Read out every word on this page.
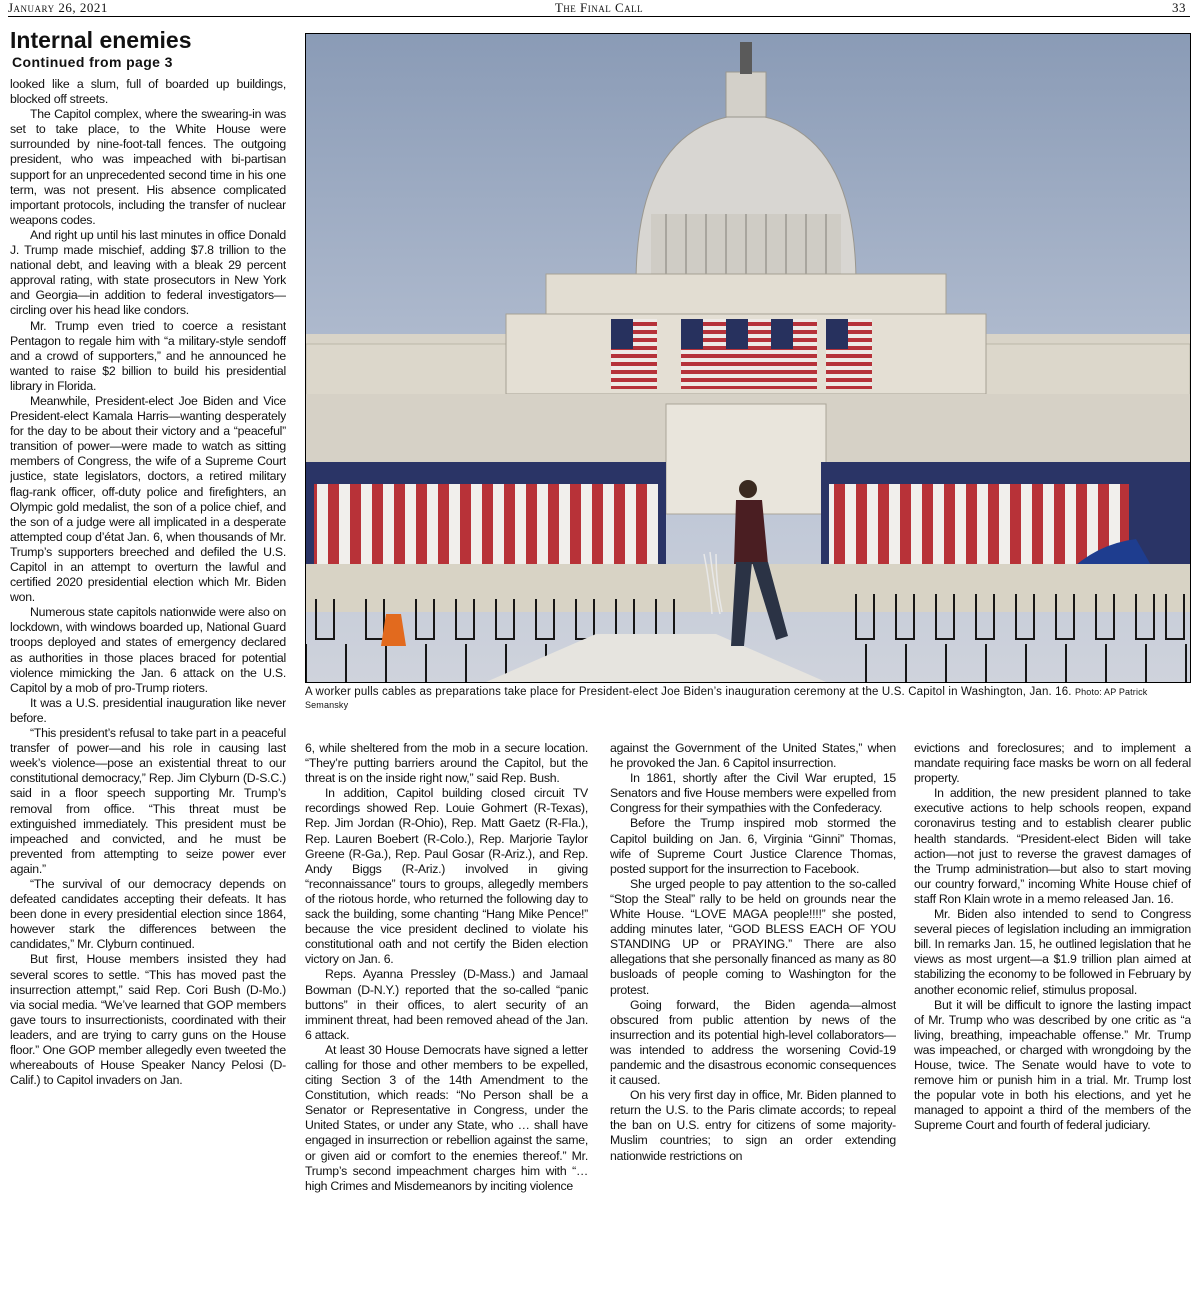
January 26, 2021	The Final Call	33
Internal enemies
Continued from page 3

looked like a slum, full of boarded up buildings, blocked off streets.

The Capitol complex, where the swearing-in was set to take place, to the White House were surrounded by nine-foot-tall fences. The outgoing president, who was impeached with bi-partisan support for an unprecedented second time in his one term, was not present. His absence complicated important protocols, including the transfer of nuclear weapons codes.

And right up until his last minutes in office Donald J. Trump made mischief, adding $7.8 trillion to the national debt, and leaving with a bleak 29 percent approval rating, with state prosecutors in New York and Georgia—in addition to federal investigators—circling over his head like condors.

Mr. Trump even tried to coerce a resistant Pentagon to regale him with “a military-style sendoff and a crowd of supporters,” and he announced he wanted to raise $2 billion to build his presidential library in Florida.

Meanwhile, President-elect Joe Biden and Vice President-elect Kamala Harris—wanting desperately for the day to be about their victory and a “peaceful” transition of power—were made to watch as sitting members of Congress, the wife of a Supreme Court justice, state legislators, doctors, a retired military flag-rank officer, off-duty police and firefighters, an Olympic gold medalist, the son of a police chief, and the son of a judge were all implicated in a desperate attempted coup d’état Jan. 6, when thousands of Mr. Trump’s supporters breeched and defiled the U.S. Capitol in an attempt to overturn the lawful and certified 2020 presidential election which Mr. Biden won.

Numerous state capitols nationwide were also on lockdown, with windows boarded up, National Guard troops deployed and states of emergency declared as authorities in those places braced for potential violence mimicking the Jan. 6 attack on the U.S. Capitol by a mob of pro-Trump rioters.

It was a U.S. presidential inauguration like never before.

“This president’s refusal to take part in a peaceful transfer of power—and his role in causing last week’s violence—pose an existential threat to our constitutional democracy,” Rep. Jim Clyburn (D-S.C.) said in a floor speech supporting Mr. Trump’s removal from office. “This threat must be extinguished immediately. This president must be impeached and convicted, and he must be prevented from attempting to seize power ever again.”

“The survival of our democracy depends on defeated candidates accepting their defeats. It has been done in every presidential election since 1864, however stark the differences between the candidates,” Mr. Clyburn continued.

But first, House members insisted they had several scores to settle. “This has moved past the insurrection attempt,” said Rep. Cori Bush (D-Mo.) via social media. “We’ve learned that GOP members gave tours to insurrectionists, coordinated with their leaders, and are trying to carry guns on the House floor.” One GOP member allegedly even tweeted the whereabouts of House Speaker Nancy Pelosi (D-Calif.) to Capitol invaders on Jan.

A worker pulls cables as preparations take place for President-elect Joe Biden’s inauguration ceremony at the U.S. Capitol in Washington, Jan. 16. Photo: AP Patrick Semansky

6, while sheltered from the mob in a secure location. “They’re putting barriers around the Capitol, but the threat is on the inside right now,” said Rep. Bush.

In addition, Capitol building closed circuit TV recordings showed Rep. Louie Gohmert (R-Texas), Rep. Jim Jordan (R-Ohio), Rep. Matt Gaetz (R-Fla.), Rep. Lauren Boebert (R-Colo.), Rep. Marjorie Taylor Greene (R-Ga.), Rep. Paul Gosar (R-Ariz.), and Rep. Andy Biggs (R-Ariz.) involved in giving “reconnaissance” tours to groups, allegedly members of the riotous horde, who returned the following day to sack the building, some chanting “Hang Mike Pence!” because the vice president declined to violate his constitutional oath and not certify the Biden election victory on Jan. 6.

Reps. Ayanna Pressley (D-Mass.) and Jamaal Bowman (D-N.Y.) reported that the so-called “panic buttons” in their offices, to alert security of an imminent threat, had been removed ahead of the Jan. 6 attack.

At least 30 House Democrats have signed a letter calling for those and other members to be expelled, citing Section 3 of the 14th Amendment to the Constitution, which reads: “No Person shall be a Senator or Representative in Congress, under the United States, or under any State, who … shall have engaged in insurrection or rebellion against the same, or given aid or comfort to the enemies thereof.” Mr. Trump’s second impeachment charges him with “… high Crimes and Misdemeanors by inciting violence

against the Government of the United States,” when he provoked the Jan. 6 Capitol insurrection.

In 1861, shortly after the Civil War erupted, 15 Senators and five House members were expelled from Congress for their sympathies with the Confederacy.

Before the Trump inspired mob stormed the Capitol building on Jan. 6, Virginia “Ginni” Thomas, wife of Supreme Court Justice Clarence Thomas, posted support for the insurrection to Facebook.

She urged people to pay attention to the so-called “Stop the Steal” rally to be held on grounds near the White House. “LOVE MAGA people!!!!” she posted, adding minutes later, “GOD BLESS EACH OF YOU STANDING UP or PRAYING.” There are also allegations that she personally financed as many as 80 busloads of people coming to Washington for the protest.

Going forward, the Biden agenda—almost obscured from public attention by news of the insurrection and its potential high-level collaborators—was intended to address the worsening Covid-19 pandemic and the disastrous economic consequences it caused.

On his very first day in office, Mr. Biden planned to return the U.S. to the Paris climate accords; to repeal the ban on U.S. entry for citizens of some majority-Muslim countries; to sign an order extending nationwide restrictions on

evictions and foreclosures; and to implement a mandate requiring face masks be worn on all federal property.

In addition, the new president planned to take executive actions to help schools reopen, expand coronavirus testing and to establish clearer public health standards. “President-elect Biden will take action—not just to reverse the gravest damages of the Trump administration—but also to start moving our country forward,” incoming White House chief of staff Ron Klain wrote in a memo released Jan. 16.

Mr. Biden also intended to send to Congress several pieces of legislation including an immigration bill. In remarks Jan. 15, he outlined legislation that he views as most urgent—a $1.9 trillion plan aimed at stabilizing the economy to be followed in February by another economic relief, stimulus proposal.

But it will be difficult to ignore the lasting impact of Mr. Trump who was described by one critic as “a living, breathing, impeachable offense.” Mr. Trump was impeached, or charged with wrongdoing by the House, twice. The Senate would have to vote to remove him or punish him in a trial. Mr. Trump lost the popular vote in both his elections, and yet he managed to appoint a third of the members of the Supreme Court and fourth of federal judiciary.
